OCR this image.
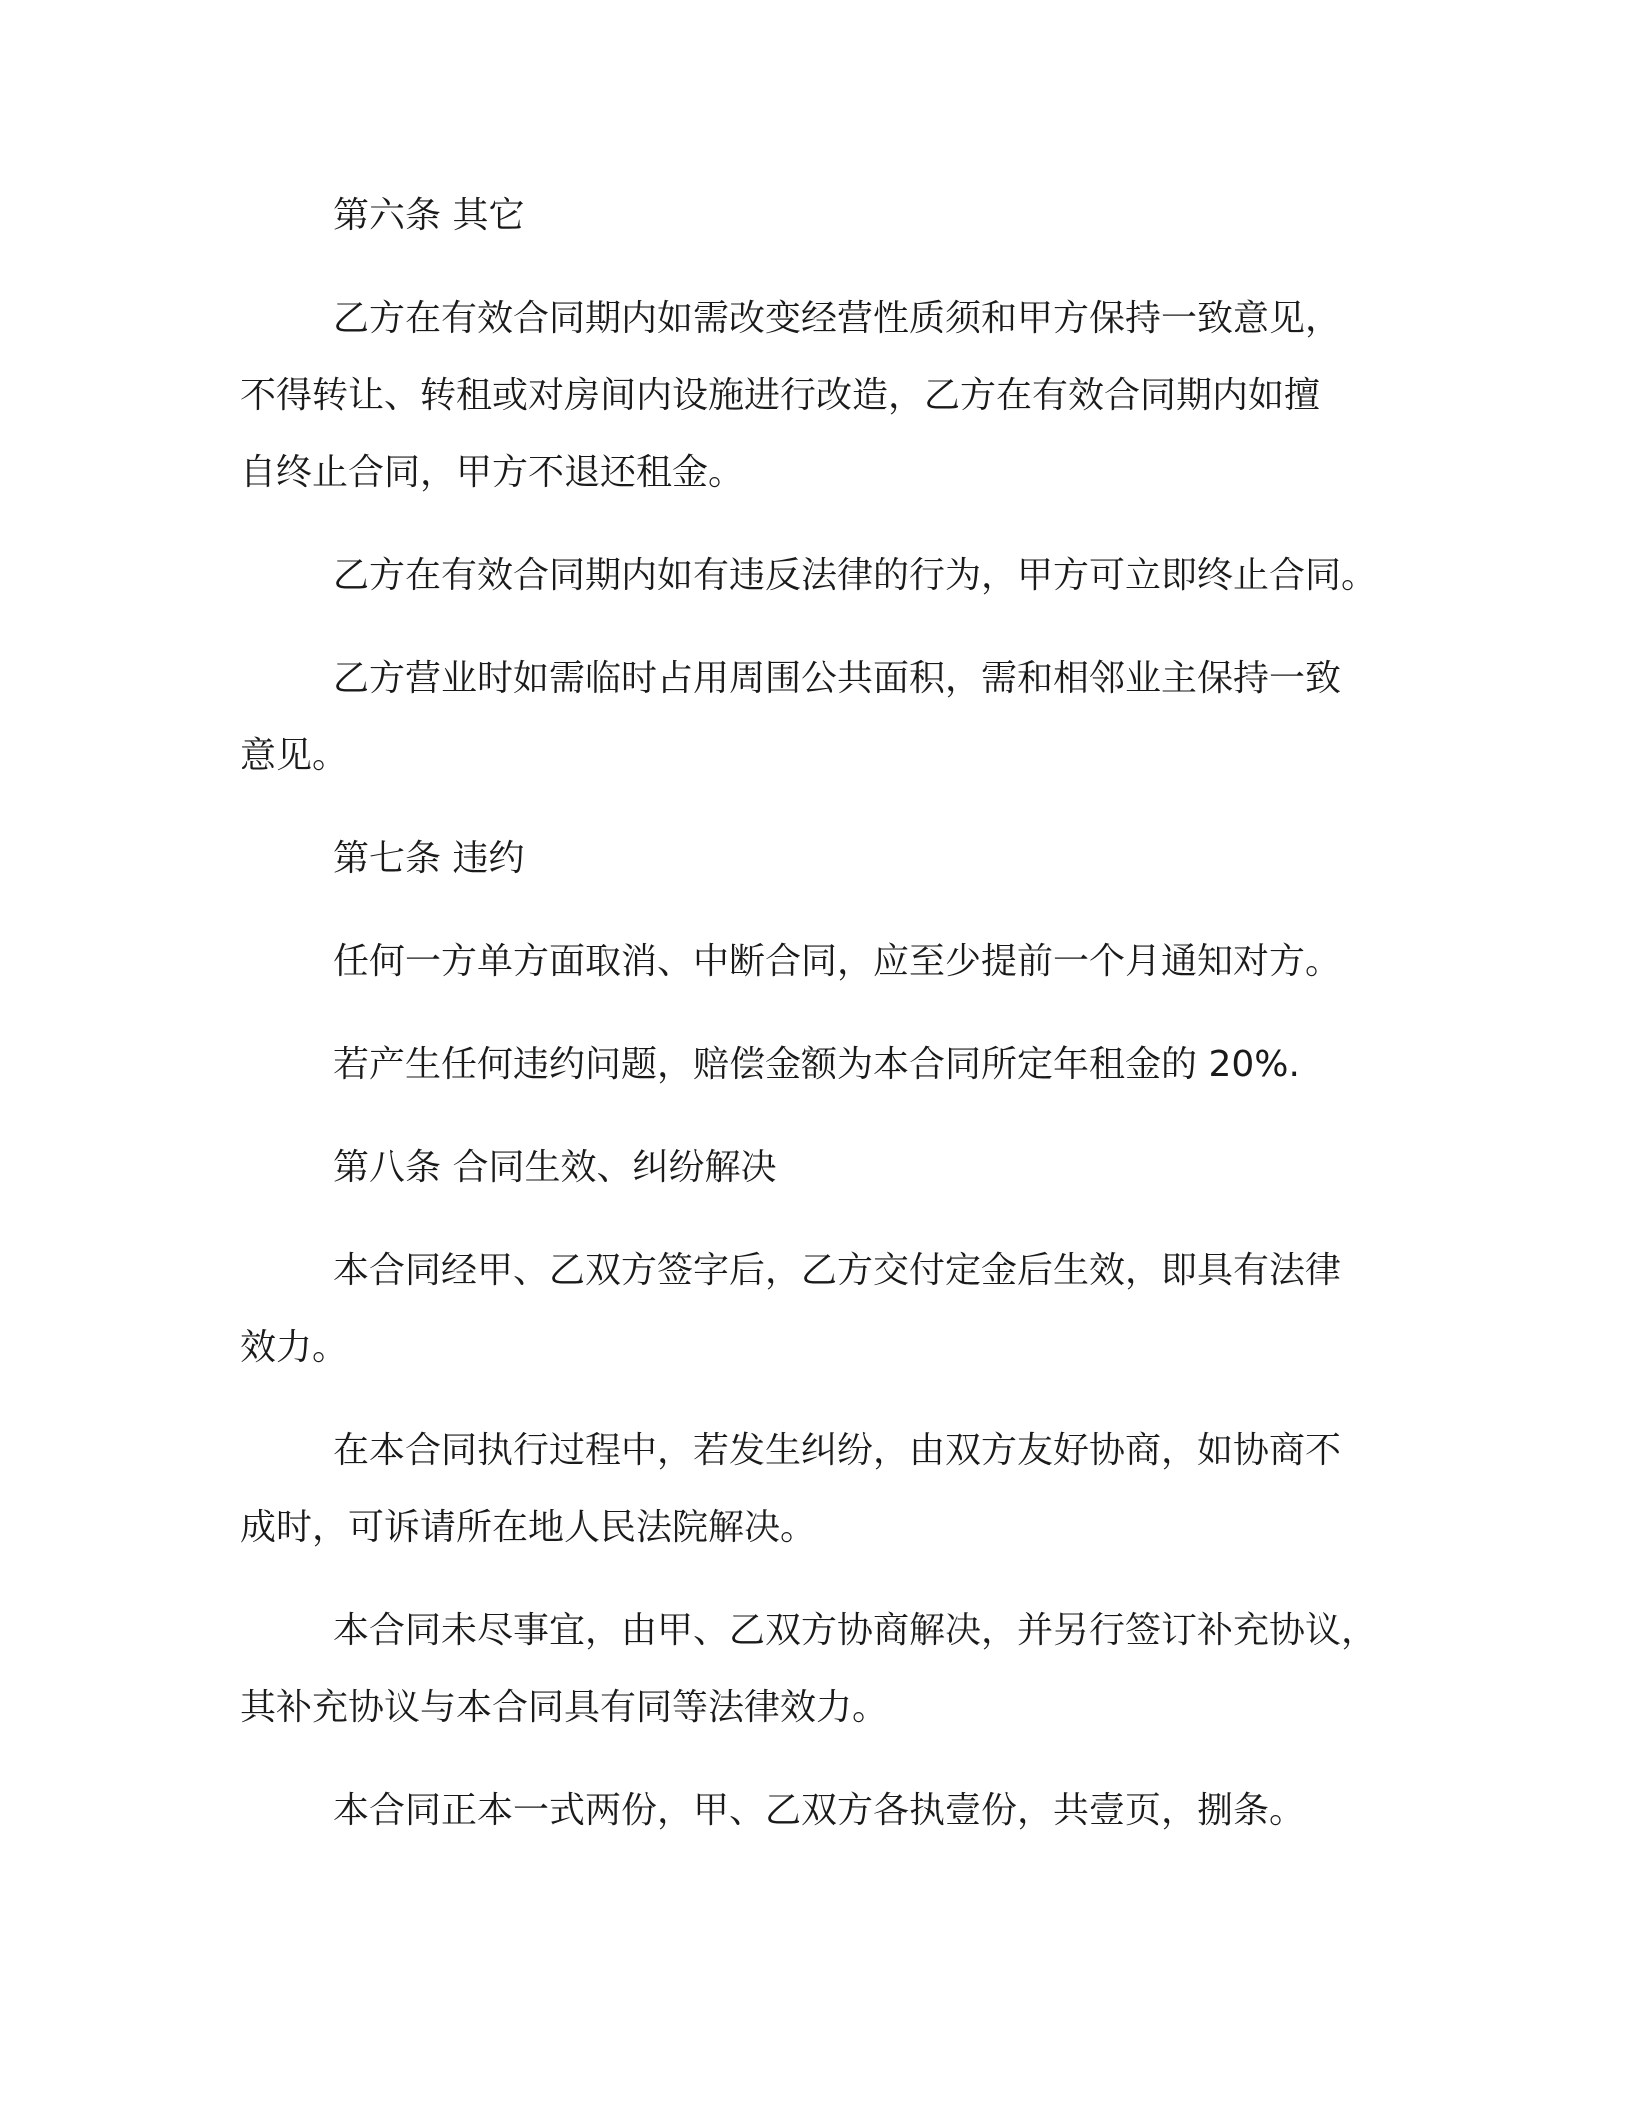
第六条 其它

乙方在有效合同期内如需改变经营性质须和甲方保持一致意见，

不得转让、转租或对房间内设施进行改造，乙方在有效合同期内如擅

自终止合同，甲方不退还租金。

乙方在有效合同期内如有违反法律的行为，甲方可立即终止合同。

乙方营业时如需临时占用周围公共面积，需和相邻业主保持一致

意见。

第七条 违约

任何一方单方面取消、中断合同，应至少提前一个月通知对方。

若产生任何违约问题，赔偿金额为本合同所定年租金的 20%.

第八条 合同生效、纠纷解决

本合同经甲、乙双方签字后，乙方交付定金后生效，即具有法律

效力。

在本合同执行过程中，若发生纠纷，由双方友好协商，如协商不

成时，可诉请所在地人民法院解决。

本合同未尽事宜，由甲、乙双方协商解决，并另行签订补充协议，

其补充协议与本合同具有同等法律效力。

本合同正本一式两份，甲、乙双方各执壹份，共壹页，捌条。
